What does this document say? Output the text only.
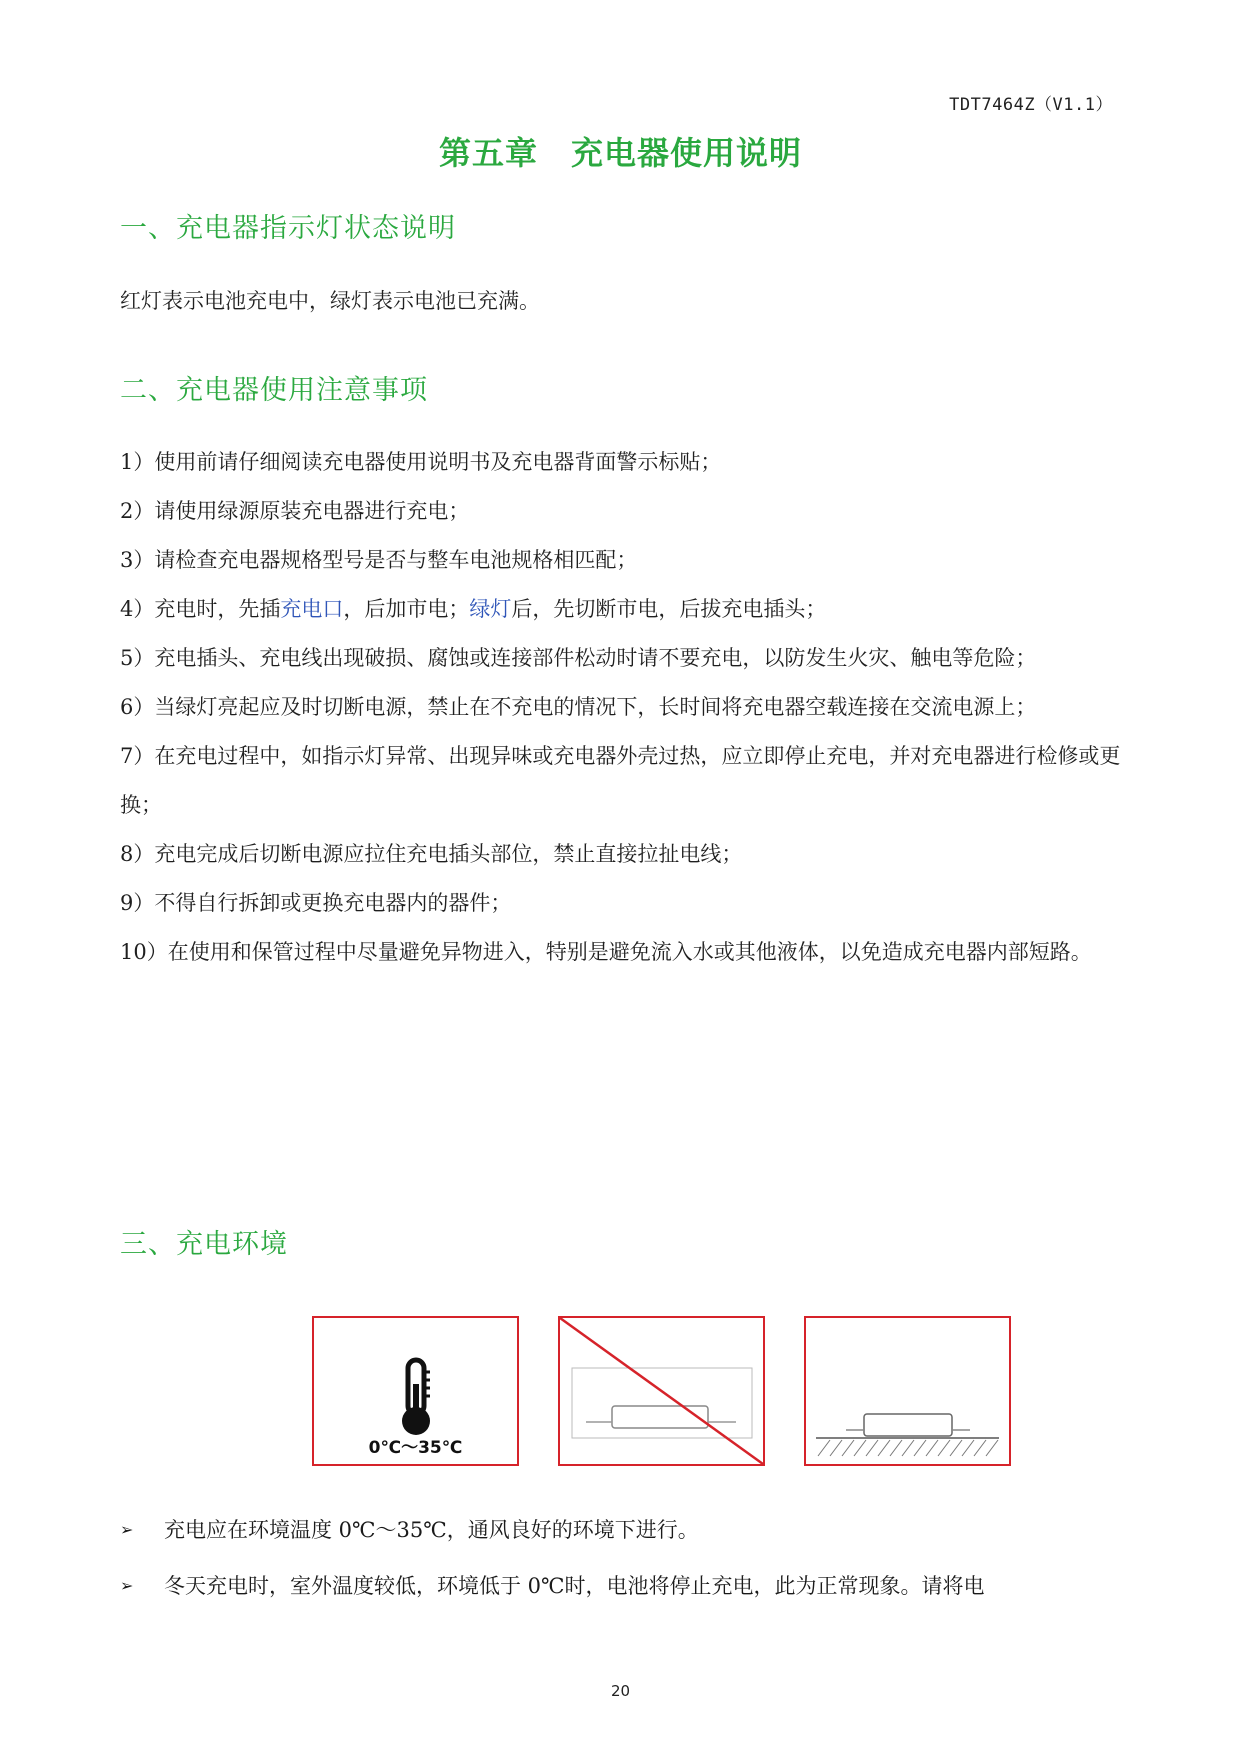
TDT7464Z（V1.1）
第五章　充电器使用说明
一、充电器指示灯状态说明
红灯表示电池充电中，绿灯表示电池已充满。
二、充电器使用注意事项

1）使用前请仔细阅读充电器使用说明书及充电器背面警示标贴；

2）请使用绿源原装充电器进行充电；

3）请检查充电器规格型号是否与整车电池规格相匹配；

4）充电时，先插充电口，后加市电；绿灯后，先切断市电，后拔充电插头；

5）充电插头、充电线出现破损、腐蚀或连接部件松动时请不要充电，以防发生火灾、触电等危险；

6）当绿灯亮起应及时切断电源，禁止在不充电的情况下，长时间将充电器空载连接在交流电源上；

7）在充电过程中，如指示灯异常、出现异味或充电器外壳过热，应立即停止充电，并对充电器进行检修或更换；

8）充电完成后切断电源应拉住充电插头部位，禁止直接拉扯电线；

9）不得自行拆卸或更换充电器内的器件；

10）在使用和保管过程中尽量避免异物进入，特别是避免流入水或其他液体，以免造成充电器内部短路。

三、充电环境
0℃～35℃
➢	充电应在环境温度 0℃～35℃，通风良好的环境下进行。
➢	冬天充电时，室外温度较低，环境低于 0℃时，电池将停止充电，此为正常现象。请将电
20
